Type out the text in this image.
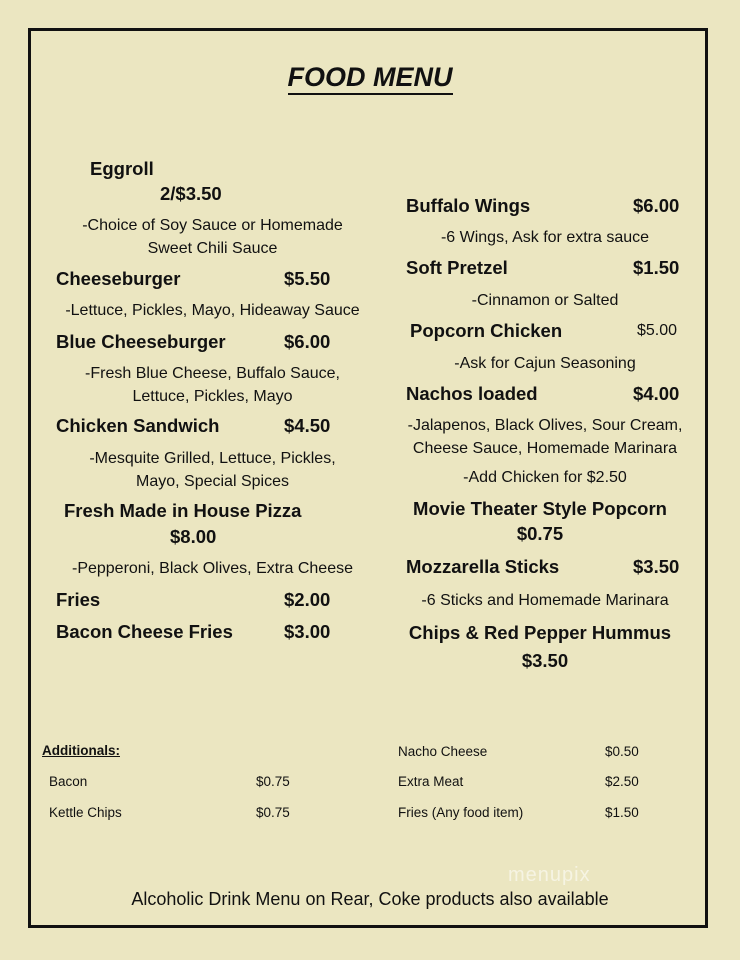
FOOD MENU
Eggroll
2/$3.50
-Choice of Soy Sauce or Homemade
Sweet Chili Sauce
Cheeseburger	$5.50
-Lettuce, Pickles, Mayo, Hideaway Sauce
Blue Cheeseburger	$6.00
-Fresh Blue Cheese, Buffalo Sauce,
Lettuce, Pickles, Mayo
Chicken Sandwich	$4.50
-Mesquite Grilled, Lettuce, Pickles,
Mayo, Special Spices
Fresh Made in House Pizza
$8.00
-Pepperoni, Black Olives, Extra Cheese
Fries	$2.00
Bacon Cheese Fries	$3.00
Buffalo Wings	$6.00
-6 Wings, Ask for extra sauce
Soft Pretzel	$1.50
-Cinnamon or Salted
Popcorn Chicken	$5.00
-Ask for Cajun Seasoning
Nachos loaded	$4.00
-Jalapenos, Black Olives, Sour Cream,
Cheese Sauce, Homemade Marinara
-Add Chicken for $2.50
Movie Theater Style Popcorn
$0.75
Mozzarella Sticks	$3.50
-6 Sticks and Homemade Marinara
Chips & Red Pepper Hummus
$3.50
Additionals:
Bacon	$0.75
Kettle Chips	$0.75
Nacho Cheese	$0.50
Extra Meat	$2.50
Fries (Any food item)	$1.50
menupix
Alcoholic Drink Menu on Rear, Coke products also available
